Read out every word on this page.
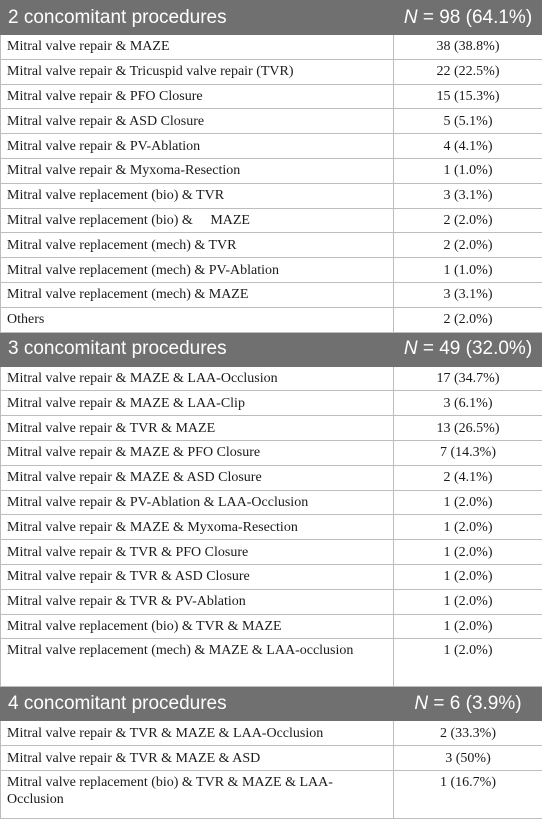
2 concomitant procedures	N = 98 (64.1%)
Mitral valve repair & MAZE	38 (38.8%)
Mitral valve repair & Tricuspid valve repair (TVR)	22 (22.5%)
Mitral valve repair & PFO Closure	15 (15.3%)
Mitral valve repair & ASD Closure	5 (5.1%)
Mitral valve repair & PV-Ablation	4 (4.1%)
Mitral valve repair & Myxoma-Resection	1 (1.0%)
Mitral valve replacement (bio) & TVR	3 (3.1%)
Mitral valve replacement (bio) &     MAZE	2 (2.0%)
Mitral valve replacement (mech) & TVR	2 (2.0%)
Mitral valve replacement (mech) & PV-Ablation	1 (1.0%)
Mitral valve replacement (mech) & MAZE	3 (3.1%)
Others	2 (2.0%)
3 concomitant procedures	N = 49 (32.0%)
Mitral valve repair & MAZE & LAA-Occlusion	17 (34.7%)
Mitral valve repair & MAZE & LAA-Clip	3 (6.1%)
Mitral valve repair & TVR & MAZE	13 (26.5%)
Mitral valve repair & MAZE & PFO Closure	7 (14.3%)
Mitral valve repair & MAZE & ASD Closure	2 (4.1%)
Mitral valve repair & PV-Ablation & LAA-Occlusion	1 (2.0%)
Mitral valve repair & MAZE & Myxoma-Resection	1 (2.0%)
Mitral valve repair & TVR & PFO Closure	1 (2.0%)
Mitral valve repair & TVR & ASD Closure	1 (2.0%)
Mitral valve repair & TVR & PV-Ablation	1 (2.0%)
Mitral valve replacement (bio) & TVR & MAZE	1 (2.0%)
Mitral valve replacement (mech) & MAZE & LAA-occlusion	1 (2.0%)
4 concomitant procedures	N = 6 (3.9%)
Mitral valve repair & TVR & MAZE & LAA-Occlusion	2 (33.3%)
Mitral valve repair & TVR & MAZE & ASD	3 (50%)
Mitral valve replacement (bio) & TVR & MAZE & LAA-Occlusion	1 (16.7%)
